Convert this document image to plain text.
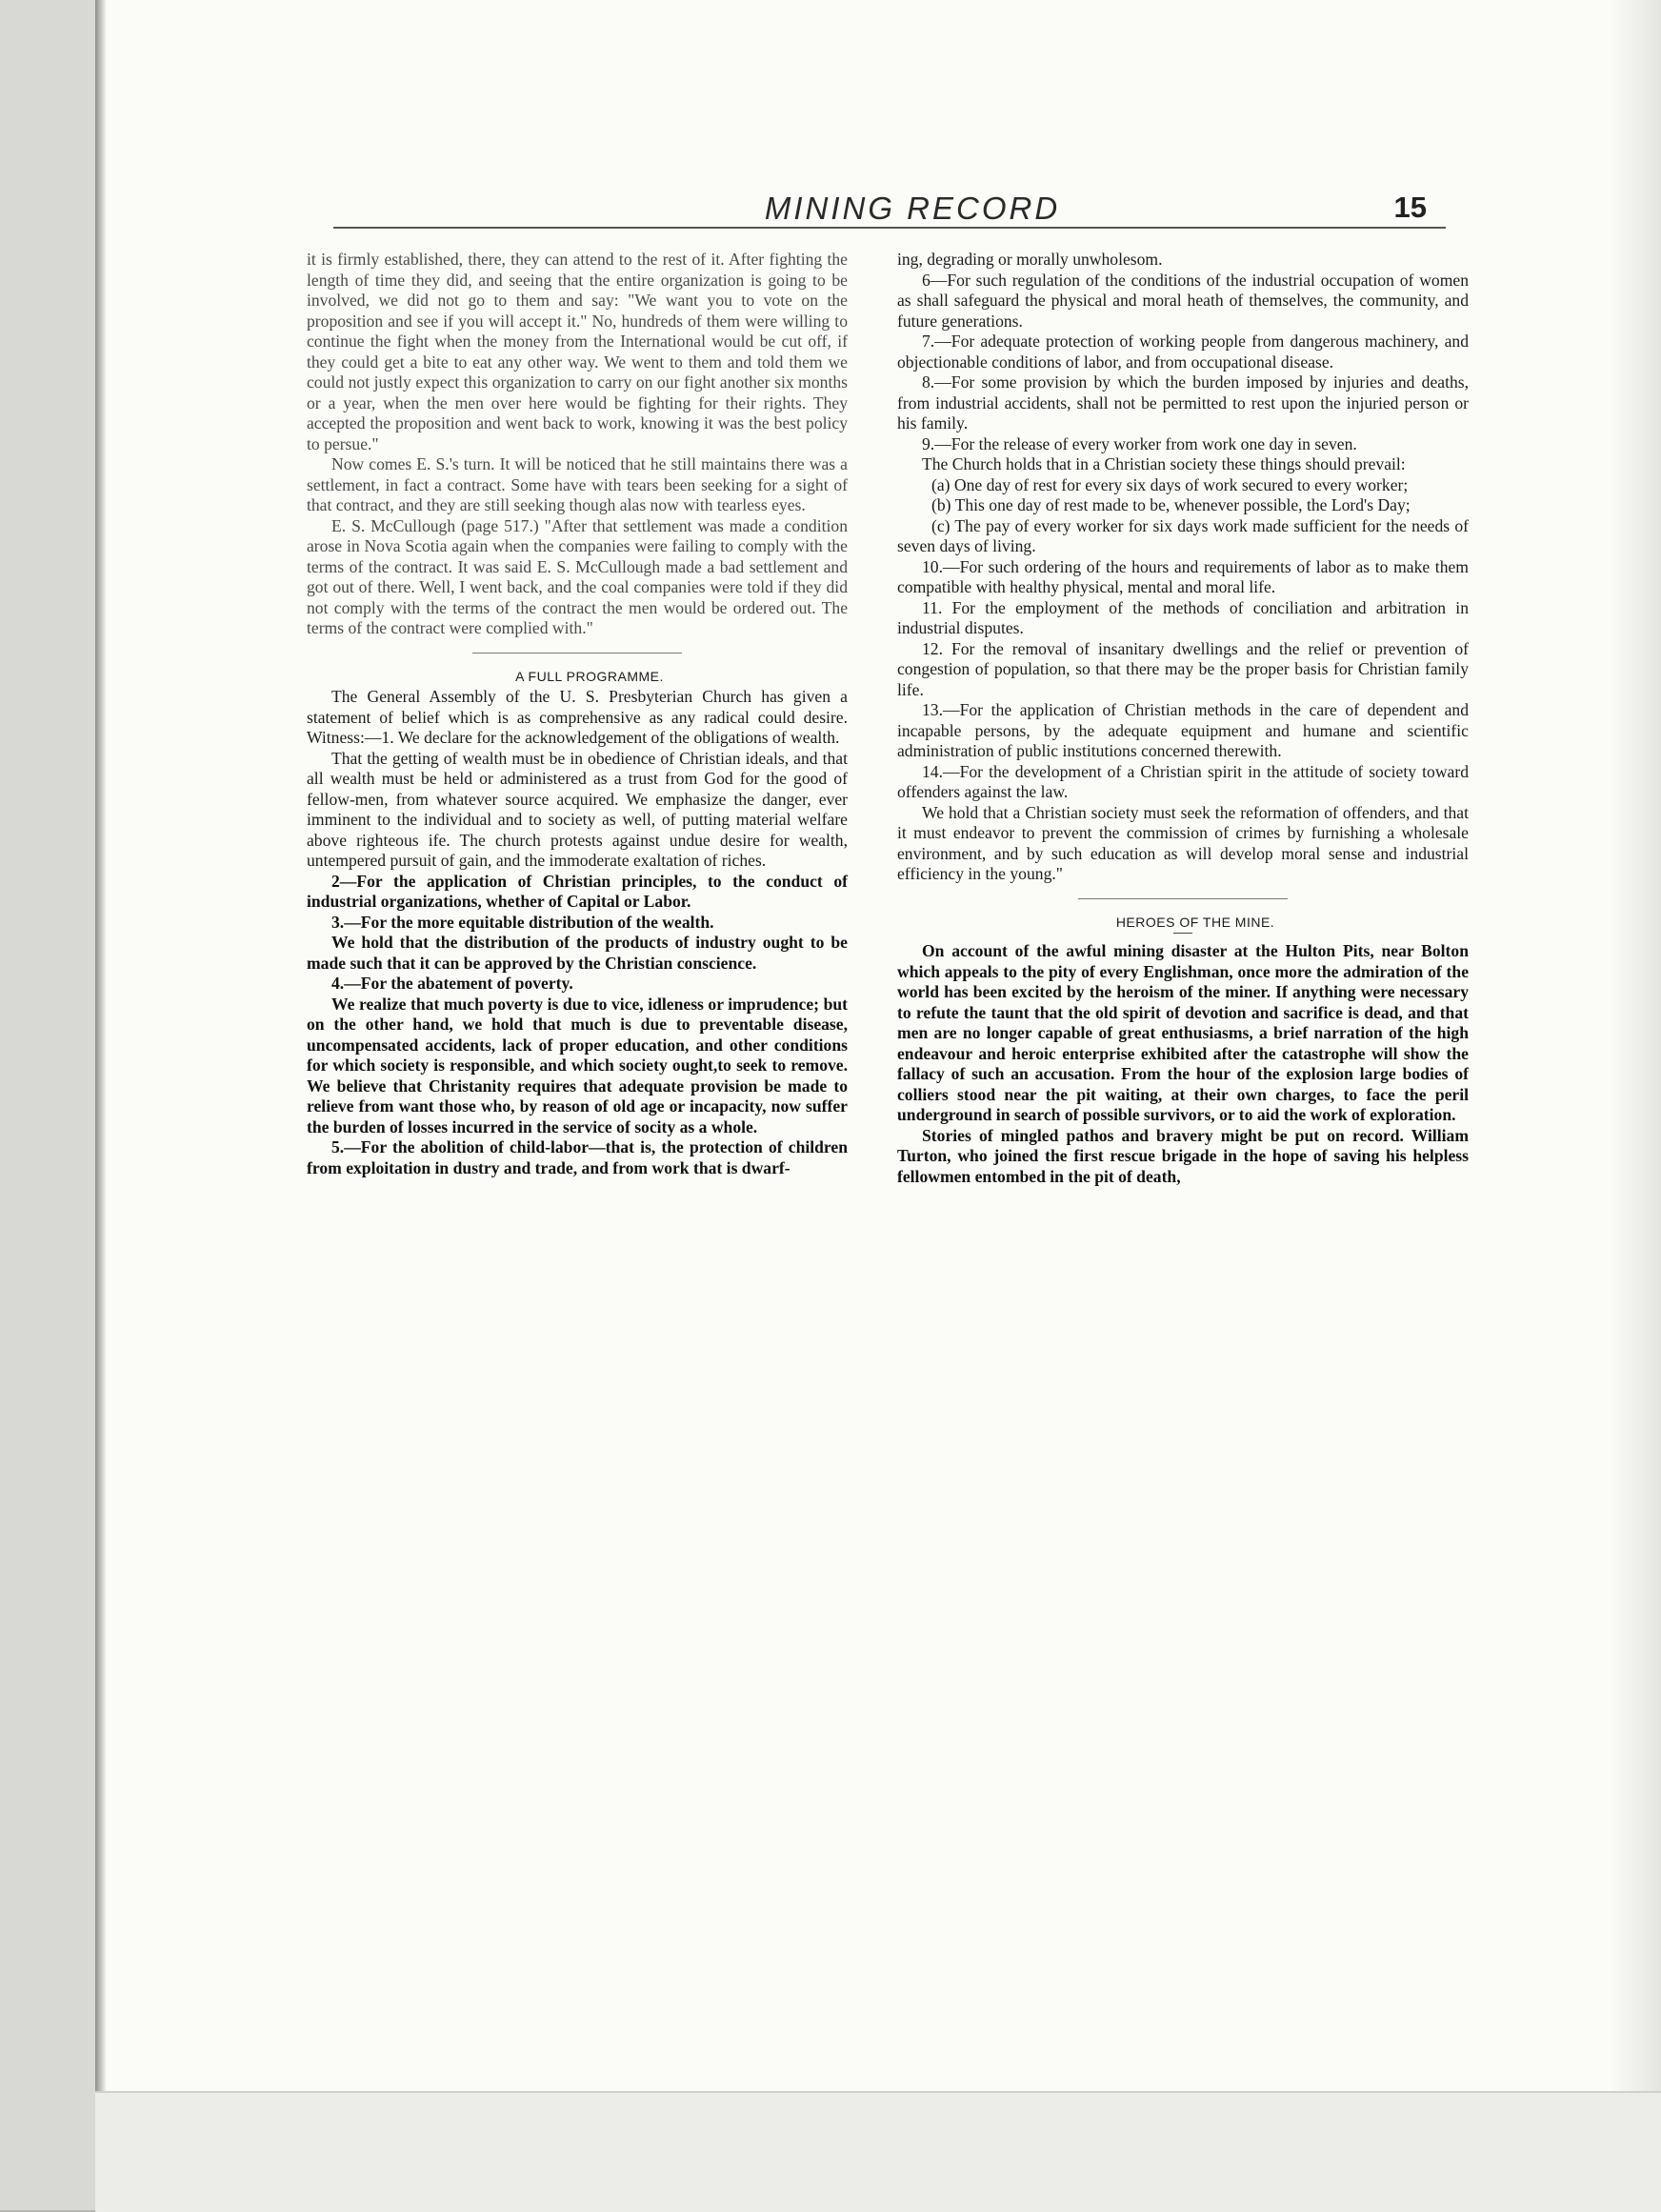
MINING RECORD	15

it is firmly established, there, they can attend to the rest of it. After fighting the length of time they did, and seeing that the entire organization is going to be involved, we did not go to them and say: "We want you to vote on the proposition and see if you will accept it." No, hundreds of them were willing to continue the fight when the money from the International would be cut off, if they could get a bite to eat any other way. We went to them and told them we could not justly expect this organization to carry on our fight another six months or a year, when the men over here would be fighting for their rights. They accepted the proposition and went back to work, knowing it was the best policy to persue."

Now comes E. S.'s turn. It will be noticed that he still maintains there was a settlement, in fact a contract. Some have with tears been seeking for a sight of that contract, and they are still seeking though alas now with tearless eyes.

E. S. McCullough (page 517.) "After that settlement was made a condition arose in Nova Scotia again when the companies were failing to comply with the terms of the contract. It was said E. S. McCullough made a bad settlement and got out of there. Well, I went back, and the coal companies were told if they did not comply with the terms of the contract the men would be ordered out. The terms of the contract were complied with."

A FULL PROGRAMME.

The General Assembly of the U. S. Presbyterian Church has given a statement of belief which is as comprehensive as any radical could desire. Witness:—1. We declare for the acknowledgement of the obligations of wealth.

That the getting of wealth must be in obedience of Christian ideals, and that all wealth must be held or administered as a trust from God for the good of fellow-men, from whatever source acquired. We emphasize the danger, ever imminent to the individual and to society as well, of putting material welfare above righteous ife. The church protests against undue desire for wealth, untempered pursuit of gain, and the immoderate exaltation of riches.

2—For the application of Christian principles, to the conduct of industrial organizations, whether of Capital or Labor.

3.—For the more equitable distribution of the wealth.

We hold that the distribution of the products of industry ought to be made such that it can be approved by the Christian conscience.

4.—For the abatement of poverty.

We realize that much poverty is due to vice, idleness or imprudence; but on the other hand, we hold that much is due to preventable disease, uncompensated accidents, lack of proper education, and other conditions for which society is responsible, and which society ought,to seek to remove. We believe that Christanity requires that adequate provision be made to relieve from want those who, by reason of old age or incapacity, now suffer the burden of losses incurred in the service of socity as a whole.

5.—For the abolition of child-labor—that is, the protection of children from exploitation in dustry and trade, and from work that is dwarf-

ing, degrading or morally unwholesom.

6—For such regulation of the conditions of the industrial occupation of women as shall safeguard the physical and moral heath of themselves, the community, and future generations.

7.—For adequate protection of working people from dangerous machinery, and objectionable conditions of labor, and from occupational disease.

8.—For some provision by which the burden imposed by injuries and deaths, from industrial accidents, shall not be permitted to rest upon the injuried person or his family.

9.—For the release of every worker from work one day in seven.

The Church holds that in a Christian society these things should prevail:

(a) One day of rest for every six days of work secured to every worker;

(b) This one day of rest made to be, whenever possible, the Lord's Day;

(c) The pay of every worker for six days work made sufficient for the needs of seven days of living.

10.—For such ordering of the hours and requirements of labor as to make them compatible with healthy physical, mental and moral life.

11. For the employment of the methods of conciliation and arbitration in industrial disputes.

12. For the removal of insanitary dwellings and the relief or prevention of congestion of population, so that there may be the proper basis for Christian family life.

13.—For the application of Christian methods in the care of dependent and incapable persons, by the adequate equipment and humane and scientific administration of public institutions concerned therewith.

14.—For the development of a Christian spirit in the attitude of society toward offenders against the law.

We hold that a Christian society must seek the reformation of offenders, and that it must endeavor to prevent the commission of crimes by furnishing a wholesale environment, and by such education as will develop moral sense and industrial efficiency in the young."

HEROES OF THE MINE.

On account of the awful mining disaster at the Hulton Pits, near Bolton which appeals to the pity of every Englishman, once more the admiration of the world has been excited by the heroism of the miner. If anything were necessary to refute the taunt that the old spirit of devotion and sacrifice is dead, and that men are no longer capable of great enthusiasms, a brief narration of the high endeavour and heroic enterprise exhibited after the catastrophe will show the fallacy of such an accusation. From the hour of the explosion large bodies of colliers stood near the pit waiting, at their own charges, to face the peril underground in search of possible survivors, or to aid the work of exploration.

Stories of mingled pathos and bravery might be put on record. William Turton, who joined the first rescue brigade in the hope of saving his helpless fellowmen entombed in the pit of death,
